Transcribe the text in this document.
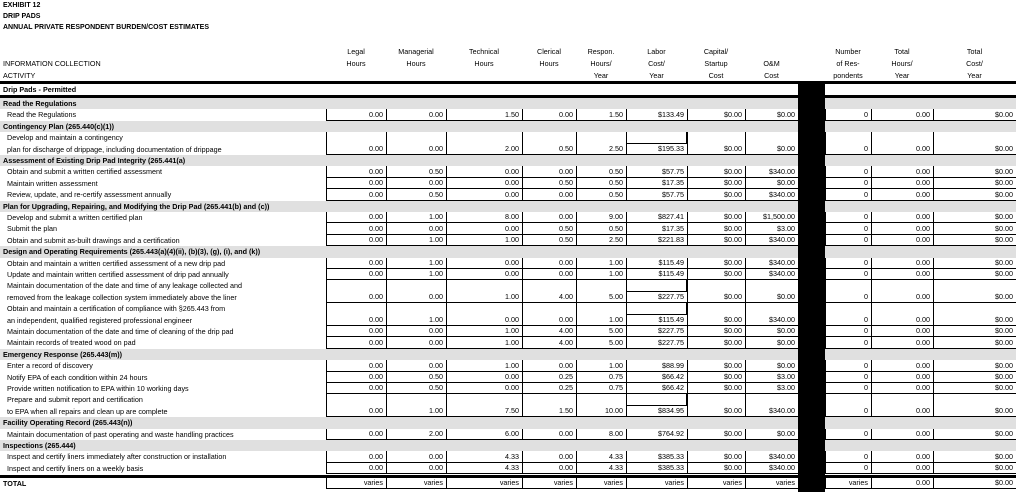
EXHIBIT 12
DRIP PADS
ANNUAL PRIVATE RESPONDENT BURDEN/COST ESTIMATES
INFORMATION COLLECTION
ACTIVITY
Legal
Hours
Managerial
Hours
Technical
Hours
Clerical
Hours
Respon.
Hours/
Year
Labor
Cost/
Year
Capital/
Startup
Cost
O&M
Cost
Number
of Res-
pondents
Total
Hours/
Year
Total
Cost/
Year
Drip Pads - Permitted
Read the Regulations
Read the Regulations	0.00	0.00	1.50	0.00	1.50	$133.49	$0.00	$0.00	0	0.00	$0.00
Contingency Plan (265.440(c)(1))
Develop and maintain a contingency
plan for discharge of drippage, including documentation of drippage	0.00	0.00	2.00	0.50	2.50	$195.33	$0.00	$0.00	0	0.00	$0.00
Assessment of Existing Drip Pad Integrity (265.441(a)
Obtain and submit a written certified assessment	0.00	0.50	0.00	0.00	0.50	$57.75	$0.00	$340.00	0	0.00	$0.00
Maintain written assessment	0.00	0.00	0.00	0.50	0.50	$17.35	$0.00	$0.00	0	0.00	$0.00
Review, update, and re-certify assessment annually	0.00	0.50	0.00	0.00	0.50	$57.75	$0.00	$340.00	0	0.00	$0.00
Plan for Upgrading, Repairing, and Modifying the Drip Pad (265.441(b) and (c))
Develop and submit a written certified plan	0.00	1.00	8.00	0.00	9.00	$827.41	$0.00	$1,500.00	0	0.00	$0.00
Submit the plan	0.00	0.00	0.00	0.50	0.50	$17.35	$0.00	$3.00	0	0.00	$0.00
Obtain and submit as-built drawings and a certification	0.00	1.00	1.00	0.50	2.50	$221.83	$0.00	$340.00	0	0.00	$0.00
Design and Operating Requirements (265.443(a)(4)(ii), (b)(3), (g), (i), and (k))
Obtain and maintain a written certified assessment of a new drip pad	0.00	1.00	0.00	0.00	1.00	$115.49	$0.00	$340.00	0	0.00	$0.00
Update and maintain written certified assessment of drip pad annually	0.00	1.00	0.00	0.00	1.00	$115.49	$0.00	$340.00	0	0.00	$0.00
Maintain documentation of the date and time of any leakage collected and
removed from the leakage collection system immediately above the liner	0.00	0.00	1.00	4.00	5.00	$227.75	$0.00	$0.00	0	0.00	$0.00
Obtain and maintain a certification of compliance with §265.443 from
an independent, qualified registered professional engineer	0.00	1.00	0.00	0.00	1.00	$115.49	$0.00	$340.00	0	0.00	$0.00
Maintain documentation of the date and time of cleaning of the drip pad	0.00	0.00	1.00	4.00	5.00	$227.75	$0.00	$0.00	0	0.00	$0.00
Maintain records of treated wood on pad	0.00	0.00	1.00	4.00	5.00	$227.75	$0.00	$0.00	0	0.00	$0.00
Emergency Response (265.443(m))
Enter a record of discovery	0.00	0.00	1.00	0.00	1.00	$88.99	$0.00	$0.00	0	0.00	$0.00
Notify EPA of each condition within 24 hours	0.00	0.50	0.00	0.25	0.75	$66.42	$0.00	$3.00	0	0.00	$0.00
Provide written notification to EPA within 10 working days	0.00	0.50	0.00	0.25	0.75	$66.42	$0.00	$3.00	0	0.00	$0.00
Prepare and submit report and certification
to EPA when all repairs and clean up are complete	0.00	1.00	7.50	1.50	10.00	$834.95	$0.00	$340.00	0	0.00	$0.00
Facility Operating Record (265.443(n))
Maintain documentation of past operating and waste handling practices	0.00	2.00	6.00	0.00	8.00	$764.92	$0.00	$0.00	0	0.00	$0.00
Inspections (265.444)
Inspect and certify liners immediately after construction or installation	0.00	0.00	4.33	0.00	4.33	$385.33	$0.00	$340.00	0	0.00	$0.00
Inspect and certify liners on a weekly basis	0.00	0.00	4.33	0.00	4.33	$385.33	$0.00	$340.00	0	0.00	$0.00
TOTAL	varies	varies	varies	varies	varies	varies	varies	varies	varies	0.00	$0.00
